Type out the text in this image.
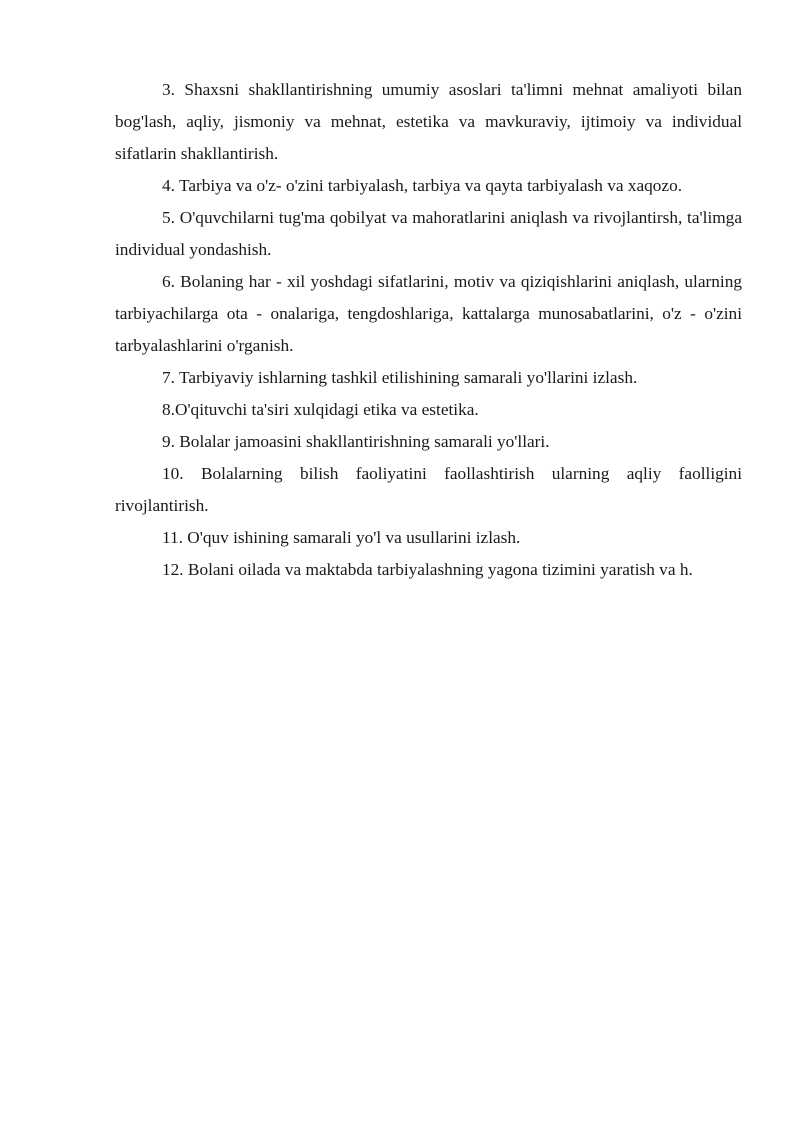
3. Shaxsni shakllantirishning umumiy asoslari ta'limni mehnat amaliyoti bilan bog'lash, aqliy, jismoniy va mehnat, estetika va mavkuraviy, ijtimoiy va individual sifatlarin shakllantirish.

4. Tarbiya va o'z- o'zini tarbiyalash, tarbiya va qayta tarbiyalash va xaqozo.

5. O'quvchilarni tug'ma qobilyat va mahoratlarini aniqlash va rivojlantirsh, ta'limga individual yondashish.

6. Bolaning har - xil yoshdagi sifatlarini, motiv va qiziqishlarini aniqlash, ularning tarbiyachilarga ota - onalariga, tengdoshlariga, kattalarga munosabatlarini, o'z - o'zini tarbyalashlarini o'rganish.

7. Tarbiyaviy ishlarning tashkil etilishining samarali yo'llarini izlash.

8.O'qituvchi ta'siri xulqidagi etika va estetika.

9. Bolalar jamoasini shakllantirishning samarali yo'llari.

10. Bolalarning bilish faoliyatini faollashtirish ularning aqliy faolligini rivojlantirish.

11. O'quv ishining samarali yo'l va usullarini izlash.

12. Bolani oilada va maktabda tarbiyalashning yagona tizimini yaratish va h.
